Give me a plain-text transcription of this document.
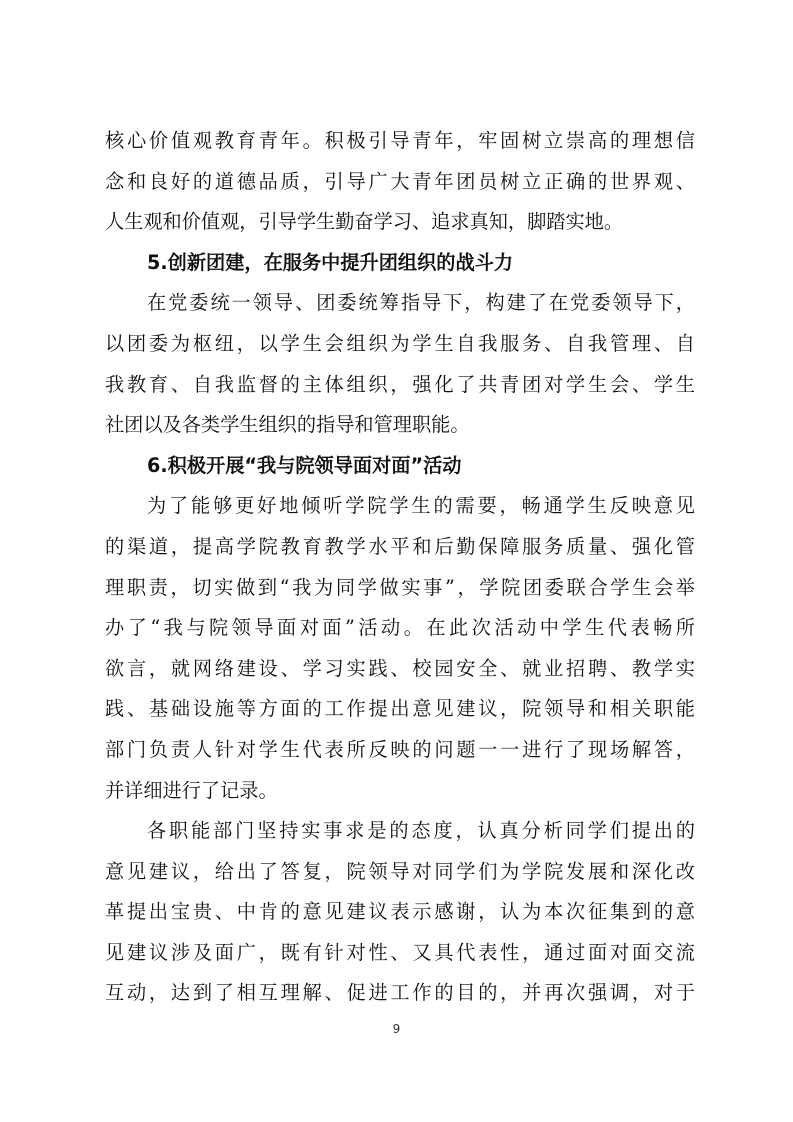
核心价值观教育青年。积极引导青年，牢固树立崇高的理想信
念和良好的道德品质，引导广大青年团员树立正确的世界观、
人生观和价值观，引导学生勤奋学习、追求真知，脚踏实地。
5.创新团建，在服务中提升团组织的战斗力
在党委统一领导、团委统筹指导下，构建了在党委领导下，
以团委为枢纽，以学生会组织为学生自我服务、自我管理、自
我教育、自我监督的主体组织，强化了共青团对学生会、学生
社团以及各类学生组织的指导和管理职能。
6.积极开展“我与院领导面对面”活动
为了能够更好地倾听学院学生的需要，畅通学生反映意见
的渠道，提高学院教育教学水平和后勤保障服务质量、强化管
理职责，切实做到“我为同学做实事”，学院团委联合学生会举
办了“我与院领导面对面”活动。在此次活动中学生代表畅所
欲言，就网络建设、学习实践、校园安全、就业招聘、教学实
践、基础设施等方面的工作提出意见建议，院领导和相关职能
部门负责人针对学生代表所反映的问题一一进行了现场解答，
并详细进行了记录。
各职能部门坚持实事求是的态度，认真分析同学们提出的
意见建议，给出了答复，院领导对同学们为学院发展和深化改
革提出宝贵、中肯的意见建议表示感谢，认为本次征集到的意
见建议涉及面广，既有针对性、又具代表性，通过面对面交流
互动，达到了相互理解、促进工作的目的，并再次强调，对于
9
